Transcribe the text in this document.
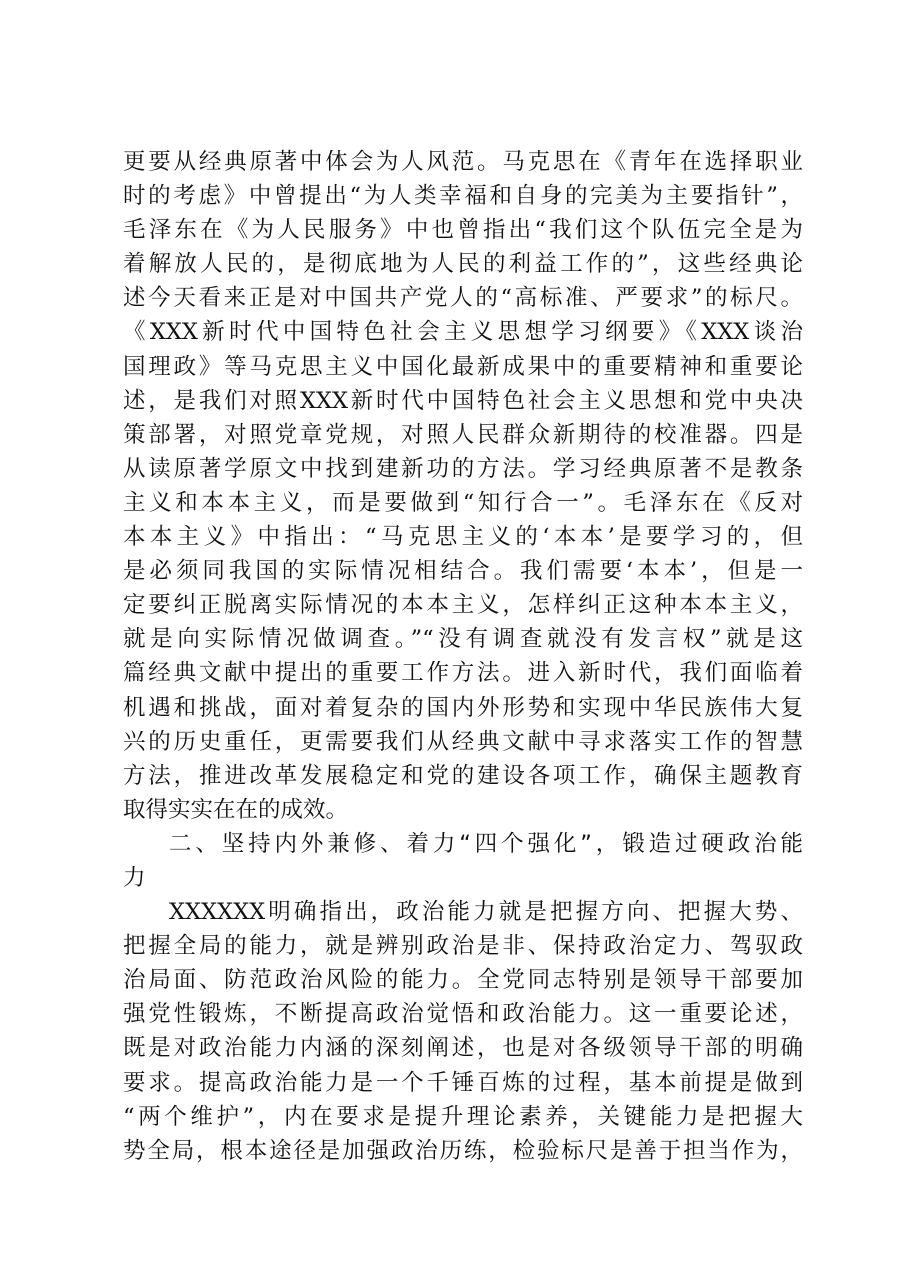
更要从经典原著中体会为人风范。马克思在《青年在选择职业
时的考虑》中曾提出“为人类幸福和自身的完美为主要指针”，
毛泽东在《为人民服务》中也曾指出“我们这个队伍完全是为
着解放人民的，是彻底地为人民的利益工作的”，这些经典论
述今天看来正是对中国共产党人的“高标准、严要求”的标尺。
《XXX新时代中国特色社会主义思想学习纲要》《XXX谈治
国理政》等马克思主义中国化最新成果中的重要精神和重要论
述，是我们对照XXX新时代中国特色社会主义思想和党中央决
策部署，对照党章党规，对照人民群众新期待的校准器。四是
从读原著学原文中找到建新功的方法。学习经典原著不是教条
主义和本本主义，而是要做到“知行合一”。毛泽东在《反对
本本主义》中指出：“马克思主义的‘本本’是要学习的，但
是必须同我国的实际情况相结合。我们需要‘本本’，但是一
定要纠正脱离实际情况的本本主义，怎样纠正这种本本主义，
就是向实际情况做调查。”“没有调查就没有发言权”就是这
篇经典文献中提出的重要工作方法。进入新时代，我们面临着
机遇和挑战，面对着复杂的国内外形势和实现中华民族伟大复
兴的历史重任，更需要我们从经典文献中寻求落实工作的智慧
方法，推进改革发展稳定和党的建设各项工作，确保主题教育
取得实实在在的成效。
二、坚持内外兼修、着力“四个强化”，锻造过硬政治能
力
XXXXXX明确指出，政治能力就是把握方向、把握大势、
把握全局的能力，就是辨别政治是非、保持政治定力、驾驭政
治局面、防范政治风险的能力。全党同志特别是领导干部要加
强党性锻炼，不断提高政治觉悟和政治能力。这一重要论述，
既是对政治能力内涵的深刻阐述，也是对各级领导干部的明确
要求。提高政治能力是一个千锤百炼的过程，基本前提是做到
“两个维护”，内在要求是提升理论素养，关键能力是把握大
势全局，根本途径是加强政治历练，检验标尺是善于担当作为，
